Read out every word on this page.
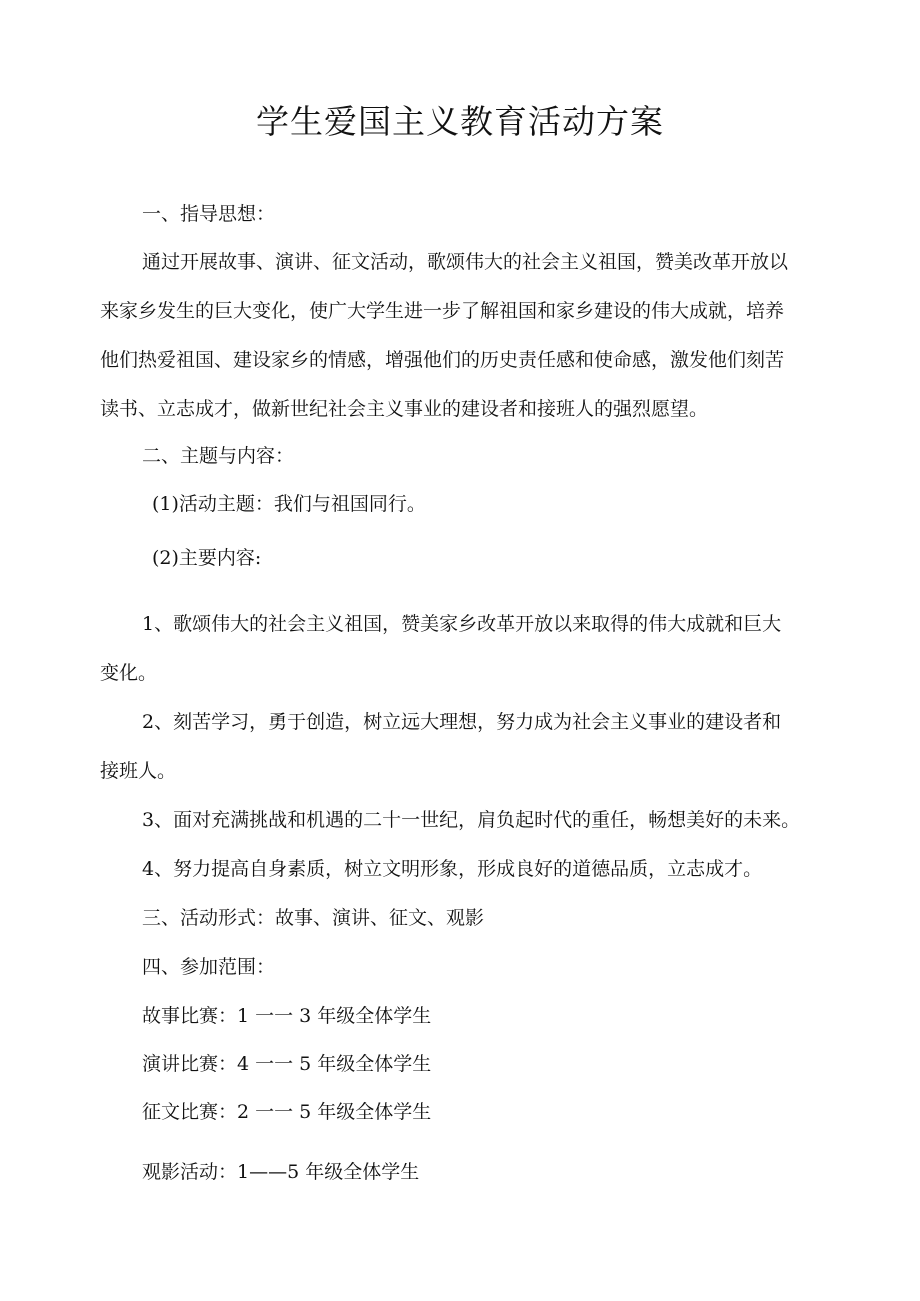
学生爱国主义教育活动方案

一、指导思想：

通过开展故事、演讲、征文活动，歌颂伟大的社会主义祖国，赞美改革开放以

来家乡发生的巨大变化，使广大学生进一步了解祖国和家乡建设的伟大成就，培养

他们热爱祖国、建设家乡的情感，增强他们的历史责任感和使命感，激发他们刻苦

读书、立志成才，做新世纪社会主义事业的建设者和接班人的强烈愿望。

二、主题与内容：

(1)活动主题：我们与祖国同行。

(2)主要内容:

1、歌颂伟大的社会主义祖国，赞美家乡改革开放以来取得的伟大成就和巨大

变化。

2、刻苦学习，勇于创造，树立远大理想，努力成为社会主义事业的建设者和

接班人。

3、面对充满挑战和机遇的二十一世纪，肩负起时代的重任，畅想美好的未来。

4、努力提高自身素质，树立文明形象，形成良好的道德品质，立志成才。

三、活动形式：故事、演讲、征文、观影

四、参加范围：

故事比赛：1 一一 3 年级全体学生

演讲比赛：4 一一 5 年级全体学生

征文比赛：2 一一 5 年级全体学生

观影活动：1——5 年级全体学生
